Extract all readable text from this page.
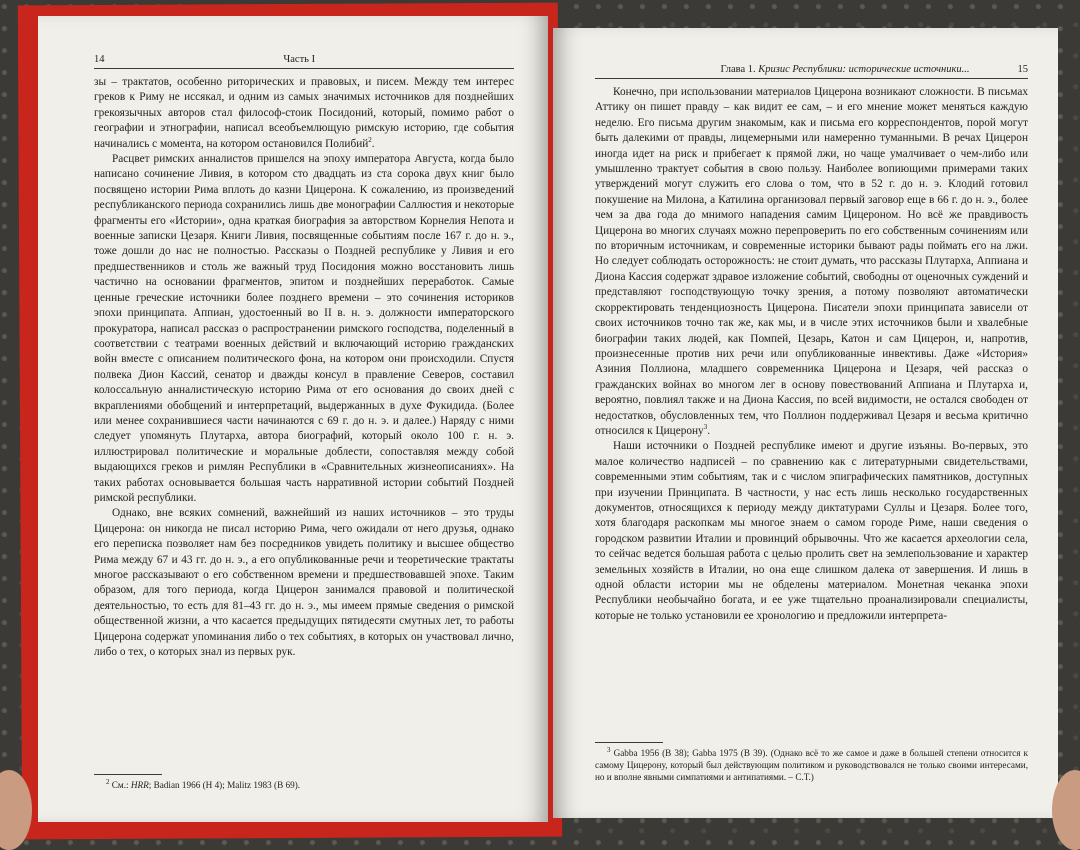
14	Часть I

зы – трактатов, особенно риторических и правовых, и писем. Между тем интерес греков к Риму не иссякал, и одним из самых значимых источников для позднейших грекоязычных авторов стал философ-стоик Посидоний, который, помимо работ о географии и этнографии, написал всеобъемлющую римскую историю, где события начинались с момента, на котором остановился Полибий$^2$.

Расцвет римских анналистов пришелся на эпоху императора Августа, когда было написано сочинение Ливия, в котором сто двадцать из ста сорока двух книг было посвящено истории Рима вплоть до казни Цицерона. К сожалению, из произведений республиканского периода сохранились лишь две монографии Саллюстия и некоторые фрагменты его «Истории», одна краткая биография за авторством Корнелия Непота и военные записки Цезаря. Книги Ливия, посвященные событиям после 167 г. до н. э., тоже дошли до нас не полностью. Рассказы о Поздней республике у Ливия и его предшественников и столь же важный труд Посидония можно восстановить лишь частично на основании фрагментов, эпитом и позднейших переработок. Самые ценные греческие источники более позднего времени – это сочинения историков эпохи принципата. Аппиан, удостоенный во II в. н. э. должности императорского прокуратора, написал рассказ о распространении римского господства, поделенный в соответствии с театрами военных действий и включающий историю гражданских войн вместе с описанием политического фона, на котором они происходили. Спустя полвека Дион Кассий, сенатор и дважды консул в правление Северов, составил колоссальную анналистическую историю Рима от его основания до своих дней с вкраплениями обобщений и интерпретаций, выдержанных в духе Фукидида. (Более или менее сохранившиеся части начинаются с 69 г. до н. э. и далее.) Наряду с ними следует упомянуть Плутарха, автора биографий, который около 100 г. н. э. иллюстрировал политические и моральные доблести, сопоставляя между собой выдающихся греков и римлян Республики в «Сравнительных жизнеописаниях». На таких работах основывается большая часть нарративной истории событий Поздней римской республики.

Однако, вне всяких сомнений, важнейший из наших источников – это труды Цицерона: он никогда не писал историю Рима, чего ожидали от него друзья, однако его переписка позволяет нам без посредников увидеть политику и высшее общество Рима между 67 и 43 гг. до н. э., а его опубликованные речи и теоретические трактаты многое рассказывают о его собственном времени и предшествовавшей эпохе. Таким образом, для того периода, когда Цицерон занимался правовой и политической деятельностью, то есть для 81–43 гг. до н. э., мы имеем прямые сведения о римской общественной жизни, а что касается предыдущих пятидесяти смутных лет, то работы Цицерона содержат упоминания либо о тех событиях, в которых он участвовал лично, либо о тех, о которых знал из первых рук.

$^2$ См.: HRR; Badian 1966 (H 4); Malitz 1983 (B 69).
Глава 1. Кризис Республики: исторические источники...	15

Конечно, при использовании материалов Цицерона возникают сложности. В письмах Аттику он пишет правду – как видит ее сам, – и его мнение может меняться каждую неделю. Его письма другим знакомым, как и письма его корреспондентов, порой могут быть далекими от правды, лицемерными или намеренно туманными. В речах Цицерон иногда идет на риск и прибегает к прямой лжи, но чаще умалчивает о чем-либо или умышленно трактует события в свою пользу. Наиболее вопиющими примерами таких утверждений могут служить его слова о том, что в 52 г. до н. э. Клодий готовил покушение на Милона, а Катилина организовал первый заговор еще в 66 г. до н. э., более чем за два года до мнимого нападения самим Цицероном. Но всё же правдивость Цицерона во многих случаях можно перепроверить по его собственным сочинениям или по вторичным источникам, и современные историки бывают рады поймать его на лжи. Но следует соблюдать осторожность: не стоит думать, что рассказы Плутарха, Аппиана и Диона Кассия содержат здравое изложение событий, свободны от оценочных суждений и представляют господствующую точку зрения, а потому позволяют автоматически скорректировать тенденциозность Цицерона. Писатели эпохи принципата зависели от своих источников точно так же, как мы, и в числе этих источников были и хвалебные биографии таких людей, как Помпей, Цезарь, Катон и сам Цицерон, и, напротив, произнесенные против них речи или опубликованные инвективы. Даже «История» Азиния Поллиона, младшего современника Цицерона и Цезаря, чей рассказ о гражданских войнах во многом лег в основу повествований Аппиана и Плутарха и, вероятно, повлиял также и на Диона Кассия, по всей видимости, не остался свободен от недостатков, обусловленных тем, что Поллион поддерживал Цезаря и весьма критично относился к Цицерону$^3$.

Наши источники о Поздней республике имеют и другие изъяны. Во-первых, это малое количество надписей – по сравнению как с литературными свидетельствами, современными этим событиям, так и с числом эпиграфических памятников, доступных при изучении Принципата. В частности, у нас есть лишь несколько государственных документов, относящихся к периоду между диктатурами Суллы и Цезаря. Более того, хотя благодаря раскопкам мы многое знаем о самом городе Риме, наши сведения о городском развитии Италии и провинций обрывочны. Что же касается археологии села, то сейчас ведется большая работа с целью пролить свет на землепользование и характер земельных хозяйств в Италии, но она еще слишком далека от завершения. И лишь в одной области истории мы не обделены материалом. Монетная чеканка эпохи Республики необычайно богата, и ее уже тщательно проанализировали специалисты, которые не только установили ее хронологию и предложили интерпрета-

$^3$ Gabba 1956 (B 38); Gabba 1975 (B 39). (Однако всё то же самое и даже в большей степени относится к самому Цицерону, который был действующим политиком и руководствовался не только своими интересами, но и вполне явными симпатиями и антипатиями. – С.Т.)
